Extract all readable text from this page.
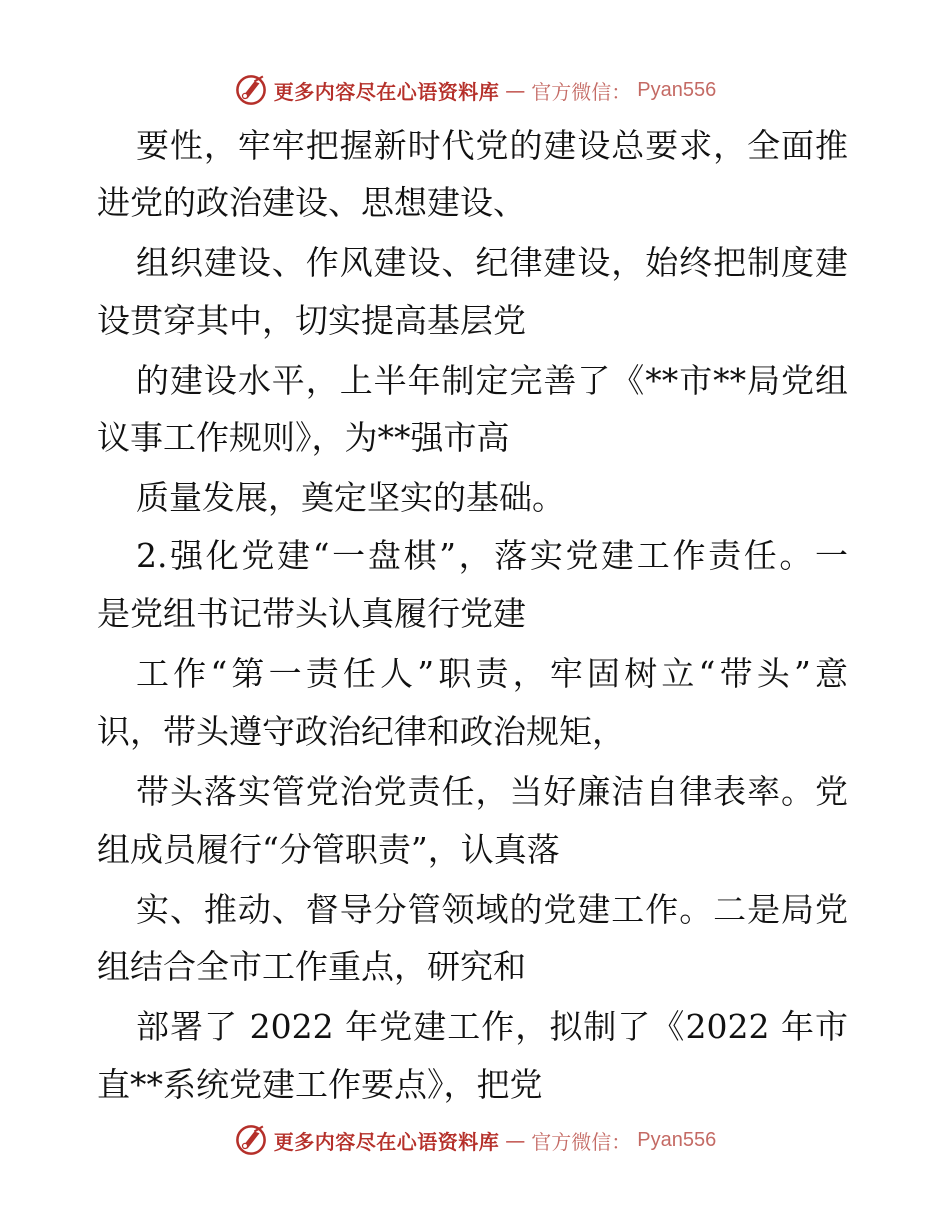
更多内容尽在心语资料库 — 官方微信： Pyan556
要性，牢牢把握新时代党的建设总要求，全面推
进党的政治建设、思想建设、
组织建设、作风建设、纪律建设，始终把制度建
设贯穿其中，切实提高基层党
的建设水平，上半年制定完善了《**市**局党组
议事工作规则》，为**强市高
质量发展，奠定坚实的基础。
2.强化党建“一盘棋”，落实党建工作责任。一
是党组书记带头认真履行党建
工作“第一责任人”职责，牢固树立“带头”意
识，带头遵守政治纪律和政治规矩，
带头落实管党治党责任，当好廉洁自律表率。党
组成员履行“分管职责”，认真落
实、推动、督导分管领域的党建工作。二是局党
组结合全市工作重点，研究和
部署了 2022 年党建工作，拟制了《2022 年市
直**系统党建工作要点》，把党
更多内容尽在心语资料库 — 官方微信： Pyan556
